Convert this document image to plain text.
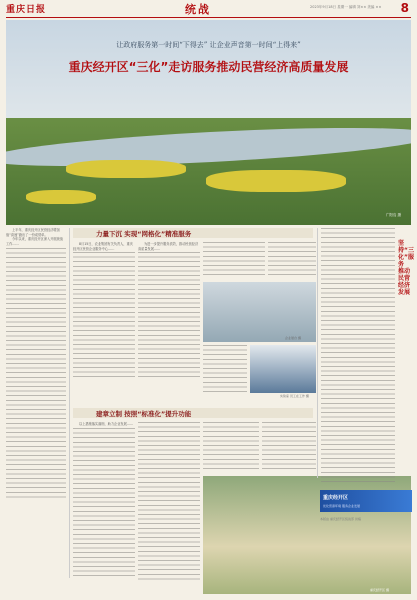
重庆日报	统战	2023年9月18日 星期一 编辑 刘×× 美编 ×× 8
让政府服务第一时间“下得去” 让企业声音第一时间“上得来”
重庆经开区“三化”走访服务推动民营经济高质量发展
广阳岛 摄

上半年，重庆经开区民营经济增加值“高速”跑出了一份成绩单。

今年以来，重庆经开区深入开展统战工作……

力量下沉 实现“网格化”精准服务

8月15日，农业集团有关负责人，重庆经开区民营企业服务中心……

为进一步提升服务质效，推动民营经济高质量发展……

企业展台 摄
实验室 员工在工作 摄
建章立制 按照“标准化”提升功能

以上措施落实落细，助力企业发展……

重庆经开区 摄
坚持“三化”服务 推动民营经济发展
重庆经开区
优化营商环境 服务企业发展
本版由 重庆经开区统战部 供稿
